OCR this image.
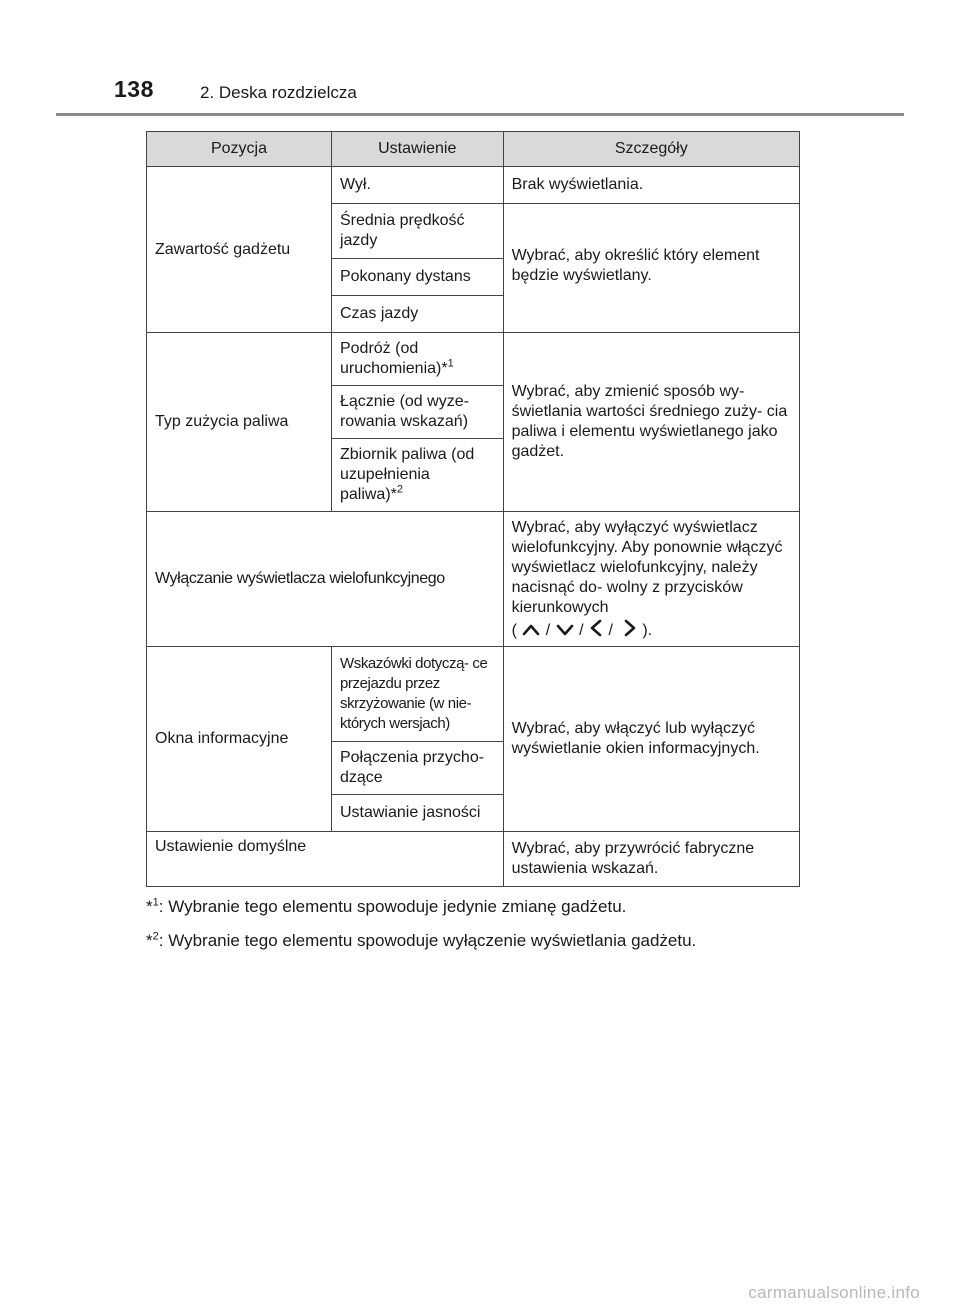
138	2. Deska rozdzielcza
Pozycja	Ustawienie	Szczegóły
Zawartość gadżetu	Wył.	Brak wyświetlania.
	Średnia prędkość jazdy	Wybrać, aby określić który element będzie wyświetlany.
	Pokonany dystans	
	Czas jazdy	
Typ zużycia paliwa	Podróż (od uruchomienia)*$^1$	Wybrać, aby zmienić sposób wy- świetlania wartości średniego zuży- cia paliwa i elementu wyświetlanego jako gadżet.
	Łącznie (od wyze- rowania wskazań)	
	Zbiornik paliwa (od uzupełnienia paliwa)*$^2$
Wyłączanie wyświetlacza wielofunkcyjnego		Wybrać, aby wyłączyć wyświetlacz wielofunkcyjny. Aby ponownie włączyć wyświetlacz wielofunkcyjny, należy nacisnąć do- wolny z przycisków kierunkowych
( / / / ).
Okna informacyjne	Wskazówki dotyczą- ce przejazdu przez skrzyżowanie (w nie- których wersjach)	Wybrać, aby włączyć lub wyłączyć wyświetlanie okien informacyjnych.
	Połączenia przycho- dzące	
	Ustawianie jasności	
Ustawienie domyślne		Wybrać, aby przywrócić fabryczne ustawienia wskazań.

*$^1$: Wybranie tego elementu spowoduje jedynie zmianę gadżetu.

*$^2$: Wybranie tego elementu spowoduje wyłączenie wyświetlania gadżetu.

carmanualsonline.info
